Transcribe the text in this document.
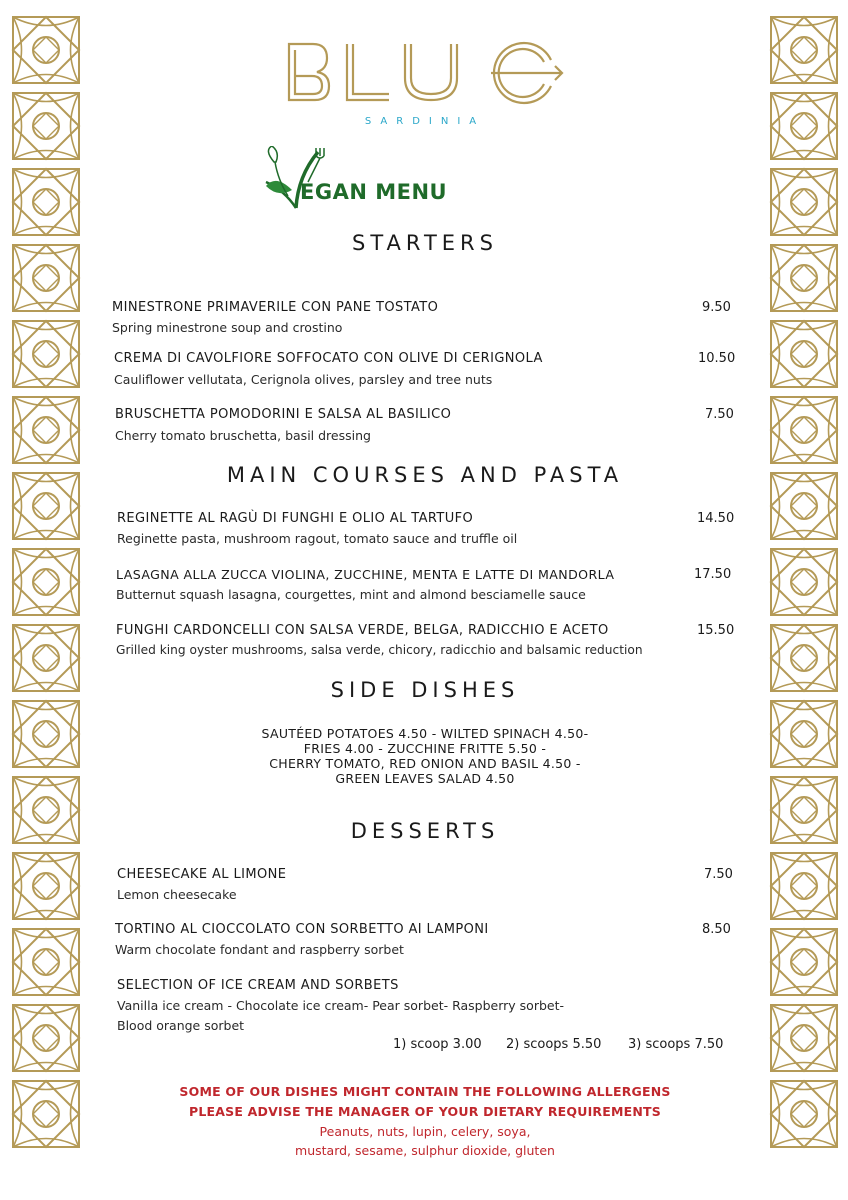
SARDINIA
EGAN MENU
STARTERS
MINESTRONE PRIMAVERILE CON PANE TOSTATO	9.50
Spring minestrone soup and crostino
CREMA DI CAVOLFIORE SOFFOCATO CON OLIVE DI CERIGNOLA	10.50
Cauliflower vellutata, Cerignola olives, parsley and tree nuts
BRUSCHETTA POMODORINI E SALSA AL BASILICO	7.50
Cherry tomato bruschetta, basil dressing
MAIN COURSES AND PASTA
REGINETTE AL RAGÙ DI FUNGHI E OLIO AL TARTUFO	14.50
Reginette pasta, mushroom ragout, tomato sauce and truffle oil
LASAGNA ALLA ZUCCA VIOLINA, ZUCCHINE, MENTA E LATTE DI MANDORLA	17.50
Butternut squash lasagna, courgettes, mint and almond besciamelle sauce
FUNGHI CARDONCELLI CON SALSA VERDE, BELGA, RADICCHIO E ACETO	15.50
Grilled king oyster mushrooms, salsa verde, chicory, radicchio and balsamic reduction
SIDE DISHES
SAUTÉED POTATOES 4.50 - WILTED SPINACH 4.50-
FRIES 4.00 - ZUCCHINE FRITTE 5.50 -
CHERRY TOMATO, RED ONION AND BASIL 4.50 -
GREEN LEAVES SALAD 4.50
DESSERTS
CHEESECAKE AL LIMONE	7.50
Lemon cheesecake
TORTINO AL CIOCCOLATO CON SORBETTO AI LAMPONI	8.50
Warm chocolate fondant and raspberry sorbet
SELECTION OF ICE CREAM AND SORBETS
Vanilla ice cream - Chocolate ice cream- Pear sorbet- Raspberry sorbet-
Blood orange sorbet
1) scoop 3.00 2) scoops 5.50 3) scoops 7.50
SOME OF OUR DISHES MIGHT CONTAIN THE FOLLOWING ALLERGENS
PLEASE ADVISE THE MANAGER OF YOUR DIETARY REQUIREMENTS
Peanuts, nuts, lupin, celery, soya,
mustard, sesame, sulphur dioxide, gluten
